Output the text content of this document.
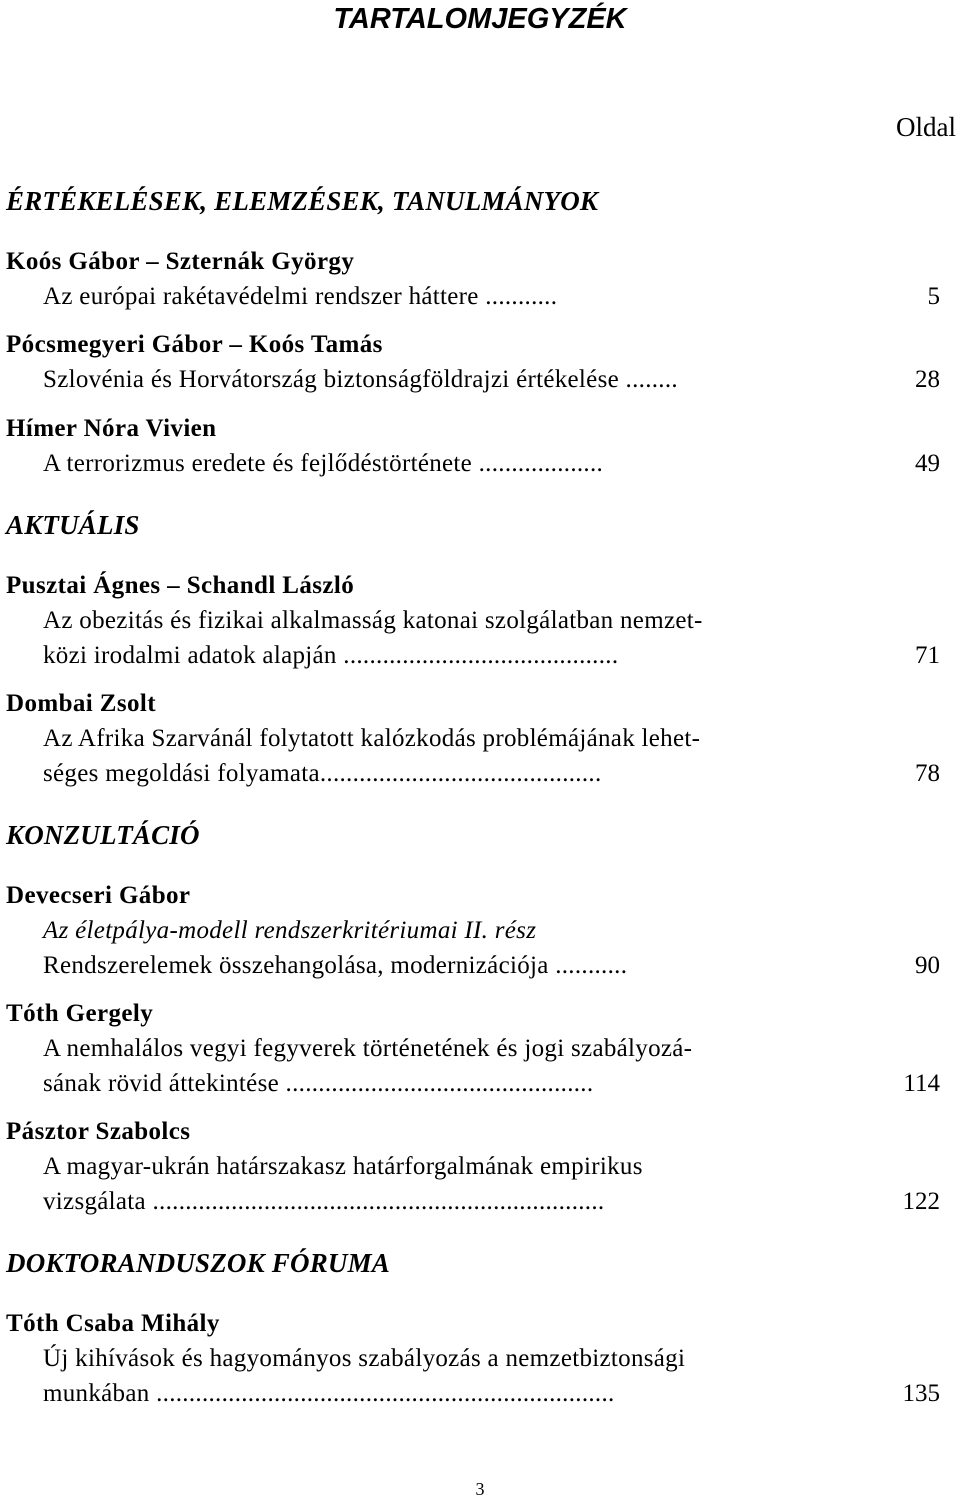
TARTALOMJEGYZÉK
Oldal
ÉRTÉKELÉSEK, ELEMZÉSEK, TANULMÁNYOK
Koós Gábor – Szternák György
Az európai rakétavédelmi rendszer háttere ...........	5
Pócsmegyeri Gábor – Koós Tamás
Szlovénia és Horvátország biztonságföldrajzi értékelése ........	28
Hímer Nóra Vivien
A terrorizmus eredete és fejlődéstörténete ...................	49
AKTUÁLIS
Pusztai Ágnes – Schandl László
Az obezitás és fizikai alkalmasság katonai szolgálatban nemzet-
közi irodalmi adatok alapján ..........................................	71
Dombai Zsolt
Az Afrika Szarvánál folytatott kalózkodás problémájának lehet-
séges megoldási folyamata...........................................	78
KONZULTÁCIÓ
Devecseri Gábor
Az életpálya-modell rendszerkritériumai II. rész
Rendszerelemek összehangolása, modernizációja ...........	90
Tóth Gergely
A nemhalálos vegyi fegyverek történetének és jogi szabályozá-
sának rövid áttekintése ...............................................	114
Pásztor Szabolcs
A magyar-ukrán határszakasz határforgalmának empirikus
vizsgálata .....................................................................	122
DOKTORANDUSZOK FÓRUMA
Tóth Csaba Mihály
Új kihívások és hagyományos szabályozás a nemzetbiztonsági
munkában ......................................................................	135
3
